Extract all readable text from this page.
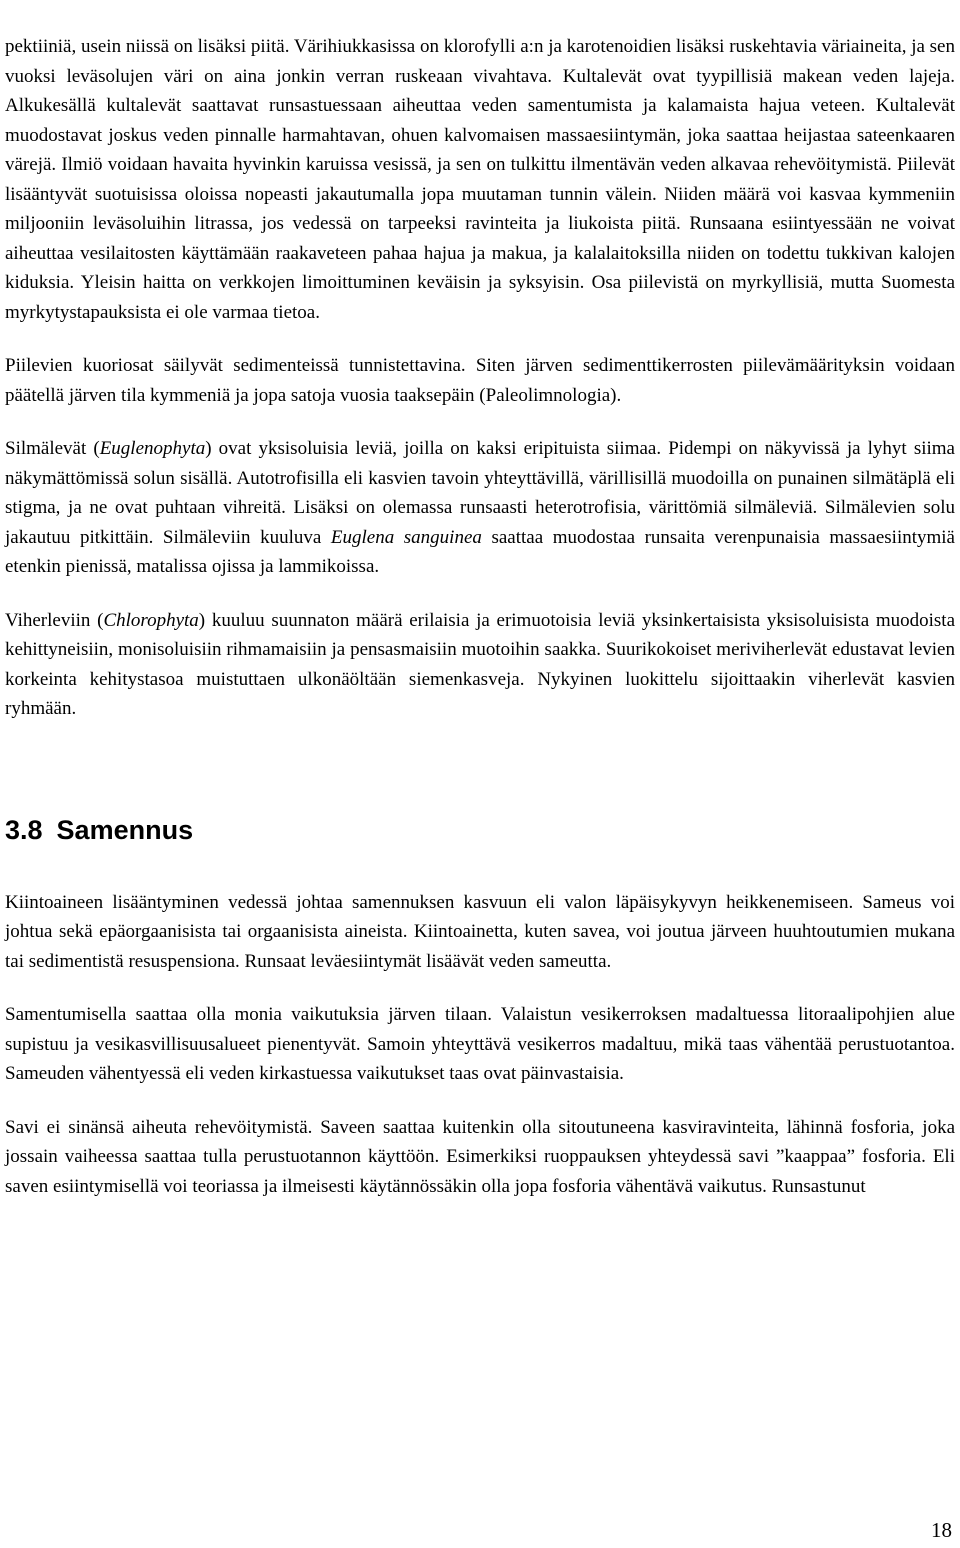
pektiiniä, usein niissä on lisäksi piitä. Värihiukkasissa on klorofylli a:n ja karotenoidien lisäksi ruskehtavia väriaineita, ja sen vuoksi leväsolujen väri on aina jonkin verran ruskeaan vivahtava. Kultalevät ovat tyypillisiä makean veden lajeja. Alkukesällä kultalevät saattavat runsastuessaan aiheuttaa veden samentumista ja kalamaista hajua veteen. Kultalevät muodostavat joskus veden pinnalle harmahtavan, ohuen kalvomaisen massaesiintymän, joka saattaa heijastaa sateenkaaren värejä. Ilmiö voidaan havaita hyvinkin karuissa vesissä, ja sen on tulkittu ilmentävän veden alkavaa rehevöitymistä. Piilevät lisääntyvät suotuisissa oloissa nopeasti jakautumalla jopa muutaman tunnin välein. Niiden määrä voi kasvaa kymmeniin miljooniin leväsoluihin litrassa, jos vedessä on tarpeeksi ravinteita ja liukoista piitä. Runsaana esiintyessään ne voivat aiheuttaa vesilaitosten käyttämään raakaveteen pahaa hajua ja makua, ja kalalaitoksilla niiden on todettu tukkivan kalojen kiduksia. Yleisin haitta on verkkojen limoittuminen keväisin ja syksyisin. Osa piilevistä on myrkyllisiä, mutta Suomesta myrkytystapauksista ei ole varmaa tietoa.

Piilevien kuoriosat säilyvät sedimenteissä tunnistettavina. Siten järven sedimenttikerrosten piilevämäärityksin voidaan päätellä järven tila kymmeniä ja jopa satoja vuosia taaksepäin (Paleolimnologia).

Silmälevät (Euglenophyta) ovat yksisoluisia leviä, joilla on kaksi eripituista siimaa. Pidempi on näkyvissä ja lyhyt siima näkymättömissä solun sisällä. Autotrofisilla eli kasvien tavoin yhteyttävillä, värillisillä muodoilla on punainen silmätäplä eli stigma, ja ne ovat puhtaan vihreitä. Lisäksi on olemassa runsaasti heterotrofisia, värittömiä silmäleviä. Silmälevien solu jakautuu pitkittäin. Silmäleviin kuuluva Euglena sanguinea saattaa muodostaa runsaita verenpunaisia massaesiintymiä etenkin pienissä, matalissa ojissa ja lammikoissa.

Viherleviin (Chlorophyta) kuuluu suunnaton määrä erilaisia ja erimuotoisia leviä yksinkertaisista yksisoluisista muodoista kehittyneisiin, monisoluisiin rihmamaisiin ja pensasmaisiin muotoihin saakka. Suurikokoiset meriviherlevät edustavat levien korkeinta kehitystasoa muistuttaen ulkonäöltään siemenkasveja. Nykyinen luokittelu sijoittaakin viherlevät kasvien ryhmään.

3.8 Samennus

Kiintoaineen lisääntyminen vedessä johtaa samennuksen kasvuun eli valon läpäisykyvyn heikkenemiseen. Sameus voi johtua sekä epäorgaanisista tai orgaanisista aineista. Kiintoainetta, kuten savea, voi joutua järveen huuhtoutumien mukana tai sedimentistä resuspensiona. Runsaat leväesiintymät lisäävät veden sameutta.

Samentumisella saattaa olla monia vaikutuksia järven tilaan. Valaistun vesikerroksen madaltuessa litoraalipohjien alue supistuu ja vesikasvillisuusalueet pienentyvät. Samoin yhteyttävä vesikerros madaltuu, mikä taas vähentää perustuotantoa. Sameuden vähentyessä eli veden kirkastuessa vaikutukset taas ovat päinvastaisia.

Savi ei sinänsä aiheuta rehevöitymistä. Saveen saattaa kuitenkin olla sitoutuneena kasviravinteita, lähinnä fosforia, joka jossain vaiheessa saattaa tulla perustuotannon käyttöön. Esimerkiksi ruoppauksen yhteydessä savi ”kaappaa” fosforia. Eli saven esiintymisellä voi teoriassa ja ilmeisesti käytännössäkin olla jopa fosforia vähentävä vaikutus. Runsastunut

18
